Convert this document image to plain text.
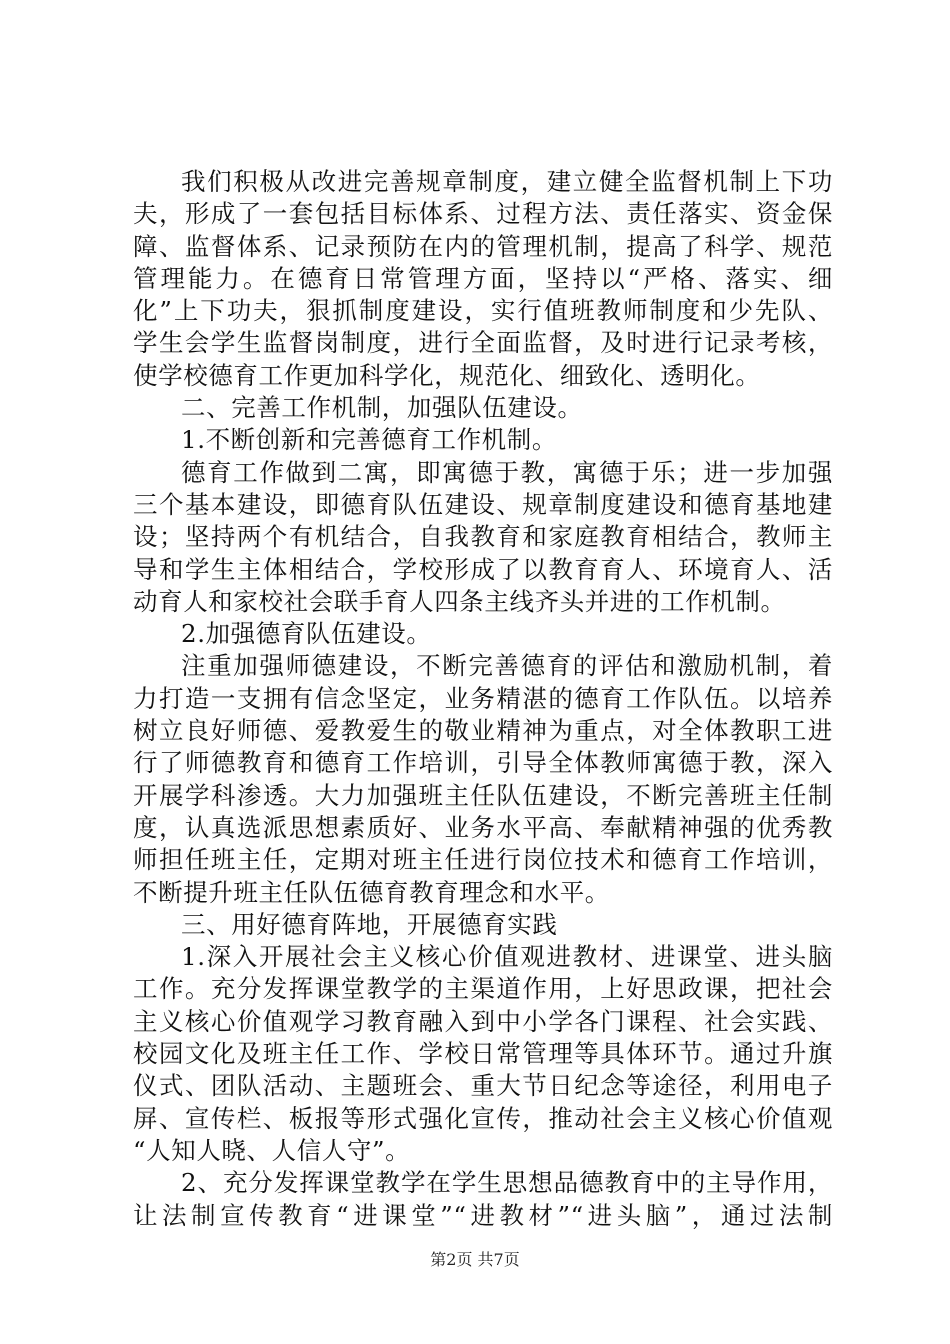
我们积极从改进完善规章制度，建立健全监督机制上下功
夫，形成了一套包括目标体系、过程方法、责任落实、资金保
障、监督体系、记录预防在内的管理机制，提高了科学、规范
管理能力。在德育日常管理方面，坚持以“严格、落实、细
化”上下功夫，狠抓制度建设，实行值班教师制度和少先队、
学生会学生监督岗制度，进行全面监督，及时进行记录考核，
使学校德育工作更加科学化，规范化、细致化、透明化。
二、完善工作机制，加强队伍建设。
1.不断创新和完善德育工作机制。
德育工作做到二寓，即寓德于教，寓德于乐；进一步加强
三个基本建设，即德育队伍建设、规章制度建设和德育基地建
设；坚持两个有机结合，自我教育和家庭教育相结合，教师主
导和学生主体相结合，学校形成了以教育育人、环境育人、活
动育人和家校社会联手育人四条主线齐头并进的工作机制。
2.加强德育队伍建设。
注重加强师德建设，不断完善德育的评估和激励机制，着
力打造一支拥有信念坚定，业务精湛的德育工作队伍。以培养
树立良好师德、爱教爱生的敬业精神为重点，对全体教职工进
行了师德教育和德育工作培训，引导全体教师寓德于教，深入
开展学科渗透。大力加强班主任队伍建设，不断完善班主任制
度，认真选派思想素质好、业务水平高、奉献精神强的优秀教
师担任班主任，定期对班主任进行岗位技术和德育工作培训，
不断提升班主任队伍德育教育理念和水平。
三、用好德育阵地，开展德育实践
1.深入开展社会主义核心价值观进教材、进课堂、进头脑
工作。充分发挥课堂教学的主渠道作用，上好思政课，把社会
主义核心价值观学习教育融入到中小学各门课程、社会实践、
校园文化及班主任工作、学校日常管理等具体环节。通过升旗
仪式、团队活动、主题班会、重大节日纪念等途径，利用电子
屏、宣传栏、板报等形式强化宣传，推动社会主义核心价值观
“人知人晓、人信人守”。
2、充分发挥课堂教学在学生思想品德教育中的主导作用，
让法制宣传教育“进课堂”“进教材”“进头脑”，通过法制
第2页 共7页
